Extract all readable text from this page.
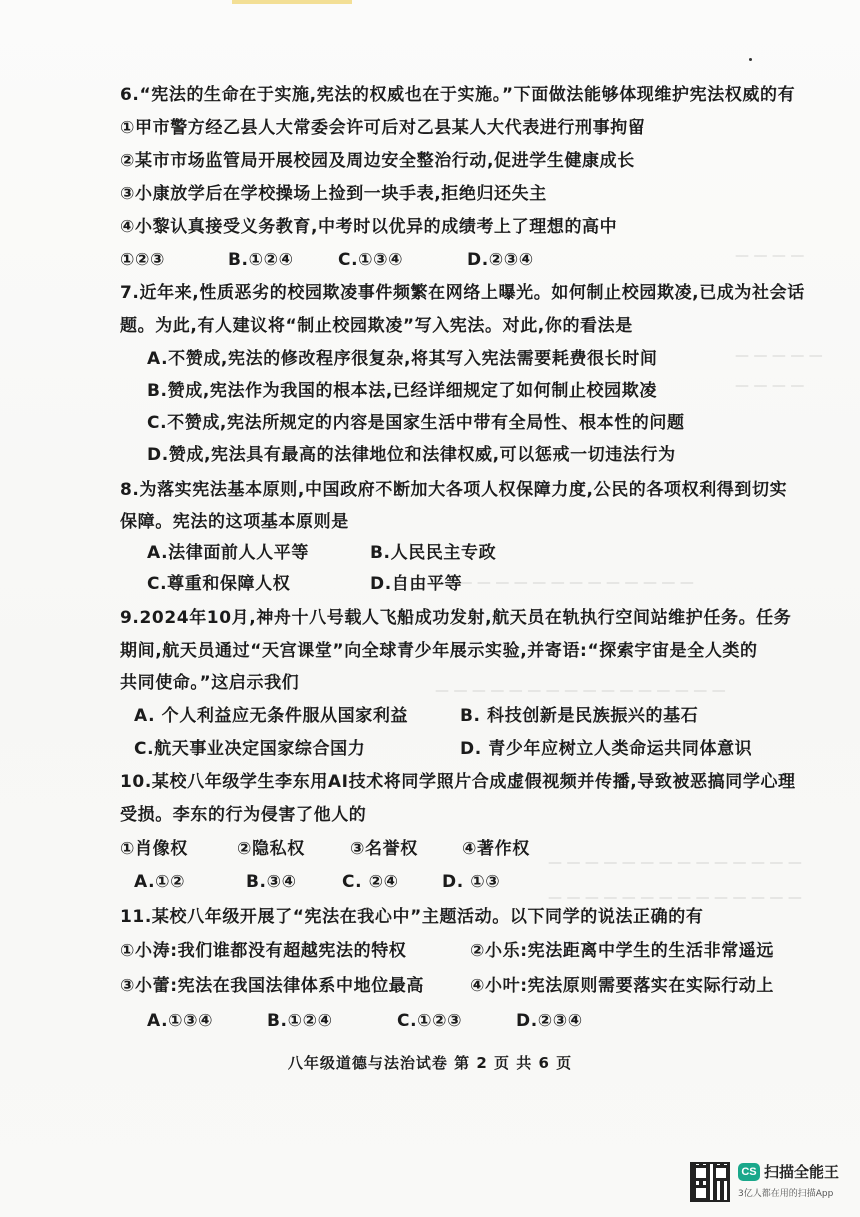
— — — —
— — — — —
— — — —
— — — — — — — — — — — — — —
— — — — — — — — — — — — — — — —
— — — — — — — — — — — — — —
— — — — — — — — — — — — — —
6.“宪法的生命在于实施,宪法的权威也在于实施。”下面做法能够体现维护宪法权威的有
①甲市警方经乙县人大常委会许可后对乙县某人大代表进行刑事拘留
②某市市场监管局开展校园及周边安全整治行动,促进学生健康成长
③小康放学后在学校操场上捡到一块手表,拒绝归还失主
④小黎认真接受义务教育,中考时以优异的成绩考上了理想的高中
①②③	B.①②④	C.①③④	D.②③④
7.近年来,性质恶劣的校园欺凌事件频繁在网络上曝光。如何制止校园欺凌,已成为社会话
题。为此,有人建议将“制止校园欺凌”写入宪法。对此,你的看法是
A.不赞成,宪法的修改程序很复杂,将其写入宪法需要耗费很长时间
B.赞成,宪法作为我国的根本法,已经详细规定了如何制止校园欺凌
C.不赞成,宪法所规定的内容是国家生活中带有全局性、根本性的问题
D.赞成,宪法具有最高的法律地位和法律权威,可以惩戒一切违法行为
8.为落实宪法基本原则,中国政府不断加大各项人权保障力度,公民的各项权利得到切实
保障。宪法的这项基本原则是
A.法律面前人人平等	B.人民民主专政
C.尊重和保障人权	D.自由平等
9.2024年10月,神舟十八号载人飞船成功发射,航天员在轨执行空间站维护任务。任务
期间,航天员通过“天宫课堂”向全球青少年展示实验,并寄语:“探索宇宙是全人类的
共同使命。”这启示我们
A. 个人利益应无条件服从国家利益	B. 科技创新是民族振兴的基石
C.航天事业决定国家综合国力	D. 青少年应树立人类命运共同体意识
10.某校八年级学生李东用AI技术将同学照片合成虚假视频并传播,导致被恶搞同学心理
受损。李东的行为侵害了他人的
①肖像权	②隐私权	③名誉权	④著作权
A.①②	B.③④	C. ②④	D. ①③
11.某校八年级开展了“宪法在我心中”主题活动。以下同学的说法正确的有
①小涛:我们谁都没有超越宪法的特权	②小乐:宪法距离中学生的生活非常遥远
③小蕾:宪法在我国法律体系中地位最高	④小叶:宪法原则需要落实在实际行动上
A.①③④	B.①②④	C.①②③	D.②③④
八年级道德与法治试卷 第 2 页 共 6 页
CS 扫描全能王
3亿人都在用的扫描App
